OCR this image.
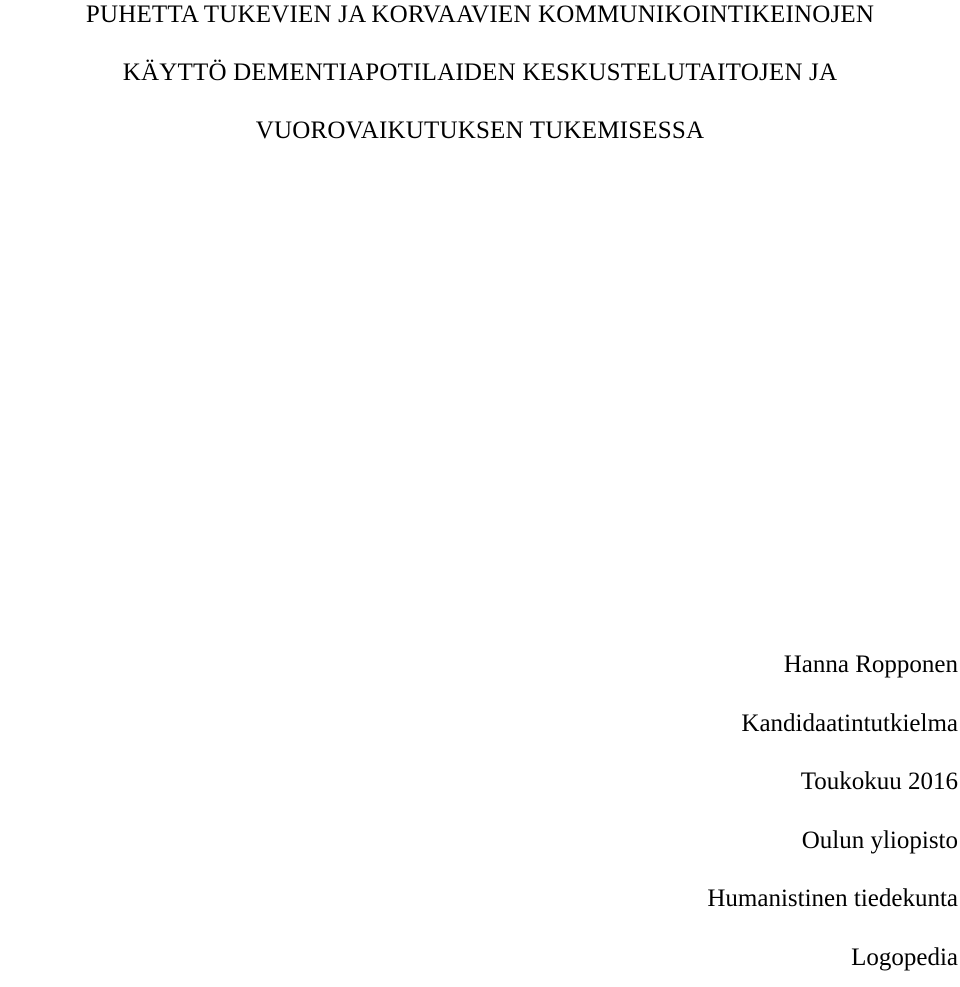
PUHETTA TUKEVIEN JA KORVAAVIEN KOMMUNIKOINTIKEINOJEN
KÄYTTÖ DEMENTIAPOTILAIDEN KESKUSTELUTAITOJEN JA
VUOROVAIKUTUKSEN TUKEMISESSA
Hanna Ropponen
Kandidaatintutkielma
Toukokuu 2016
Oulun yliopisto
Humanistinen tiedekunta
Logopedia
